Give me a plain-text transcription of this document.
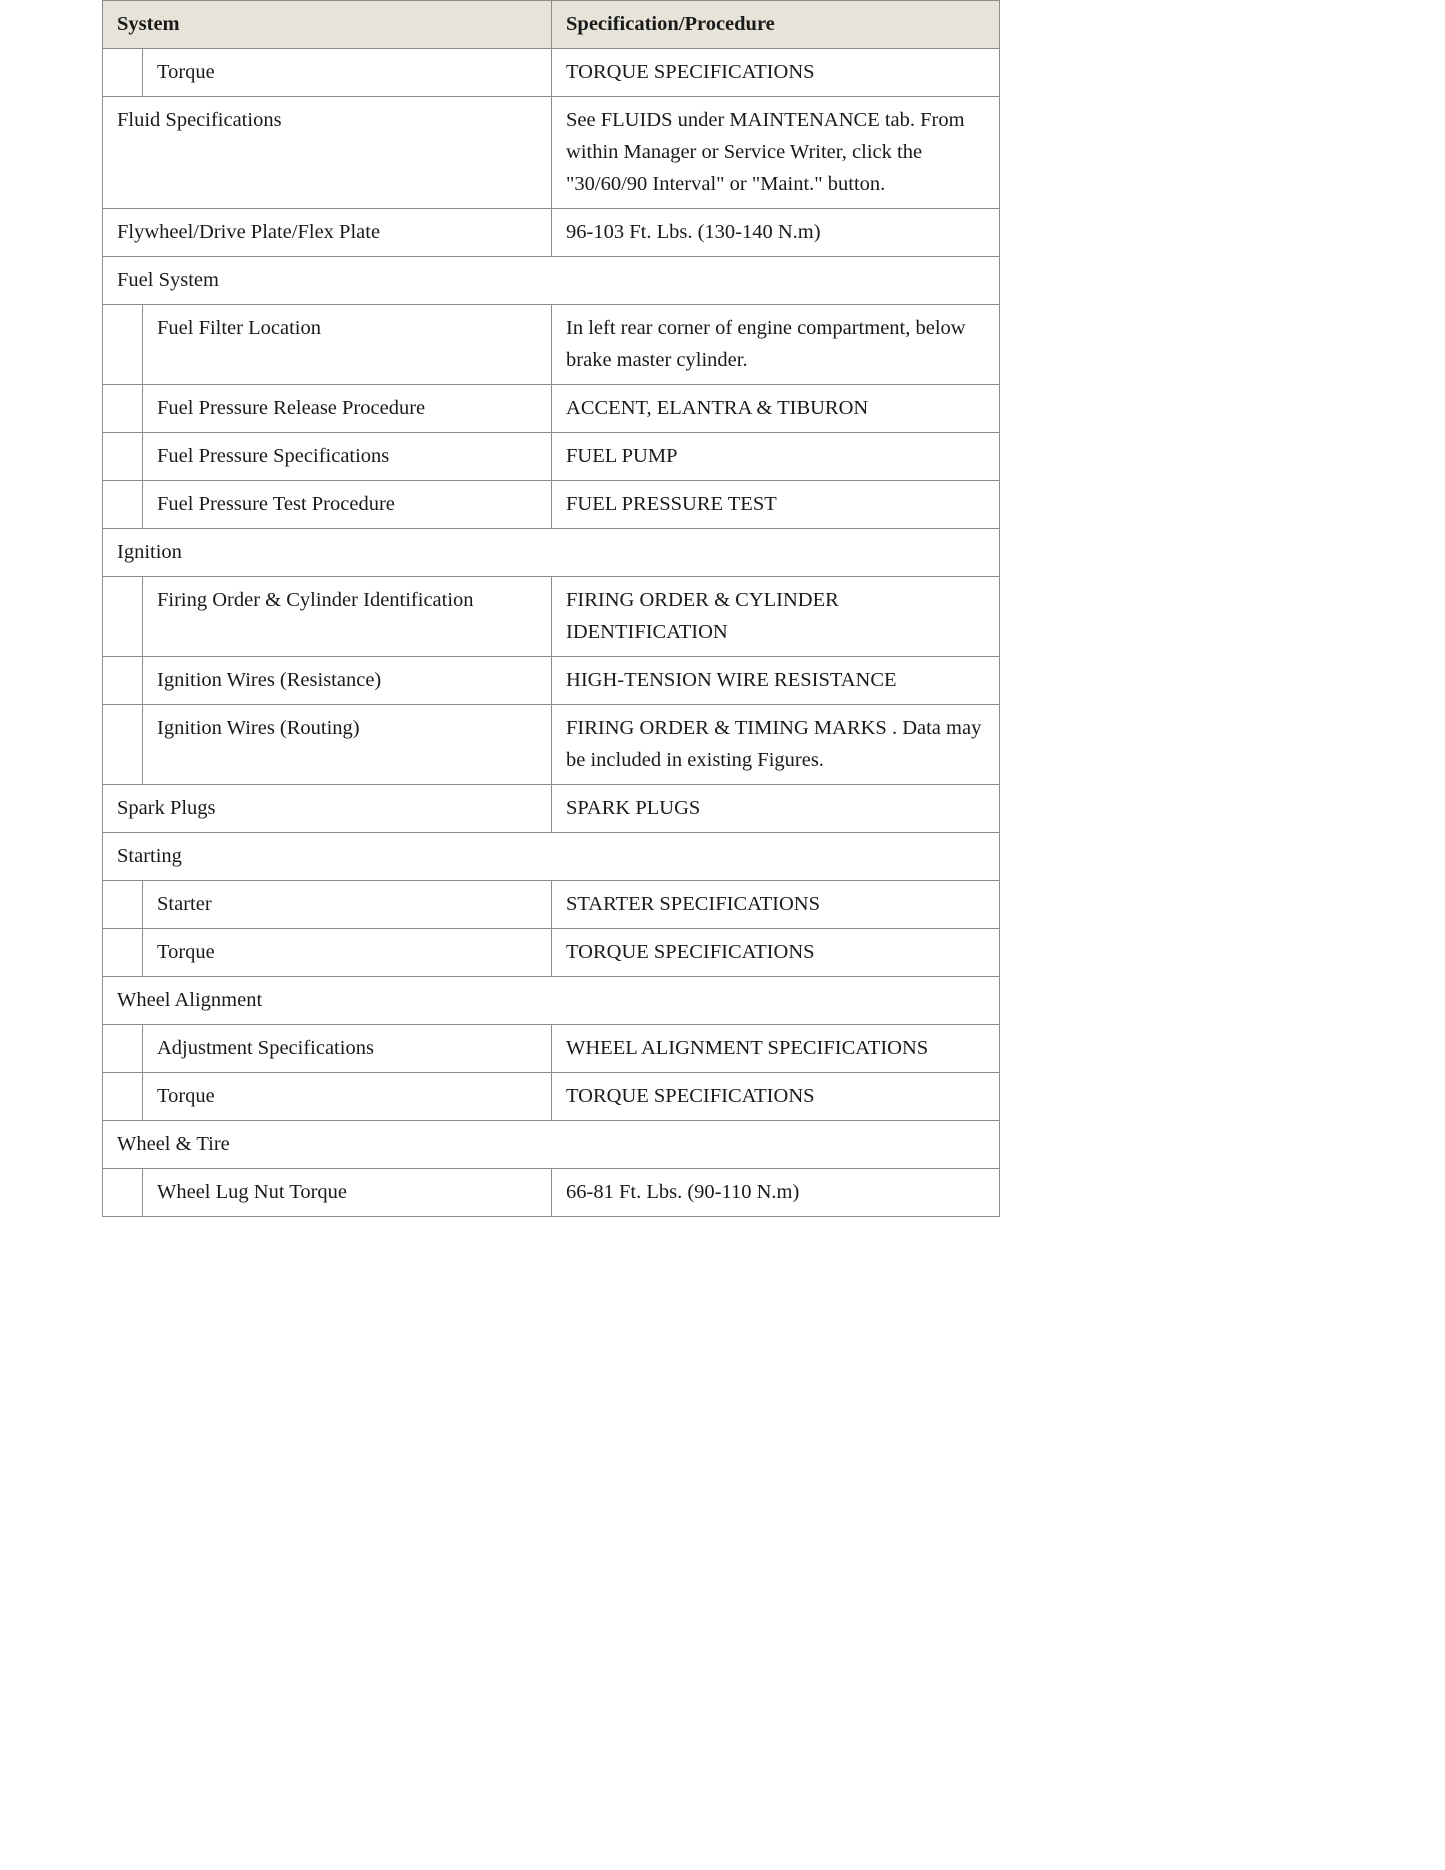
System		Specification/Procedure
	Torque	TORQUE SPECIFICATIONS
Fluid Specifications		See FLUIDS under MAINTENANCE tab. From within Manager or Service Writer, click the "30/60/90 Interval" or "Maint." button.
Flywheel/Drive Plate/Flex Plate		96-103 Ft. Lbs. (130-140 N.m)
Fuel System		
	Fuel Filter Location	In left rear corner of engine compartment, below brake master cylinder.
	Fuel Pressure Release Procedure	ACCENT, ELANTRA & TIBURON
	Fuel Pressure Specifications	FUEL PUMP
	Fuel Pressure Test Procedure	FUEL PRESSURE TEST
Ignition		
	Firing Order & Cylinder Identification	FIRING ORDER & CYLINDER IDENTIFICATION
	Ignition Wires (Resistance)	HIGH-TENSION WIRE RESISTANCE
	Ignition Wires (Routing)	FIRING ORDER & TIMING MARKS . Data may be included in existing Figures.
Spark Plugs		SPARK PLUGS
Starting		
	Starter	STARTER SPECIFICATIONS
	Torque	TORQUE SPECIFICATIONS
Wheel Alignment		
	Adjustment Specifications	WHEEL ALIGNMENT SPECIFICATIONS
	Torque	TORQUE SPECIFICATIONS
Wheel & Tire		
	Wheel Lug Nut Torque	66-81 Ft. Lbs. (90-110 N.m)
